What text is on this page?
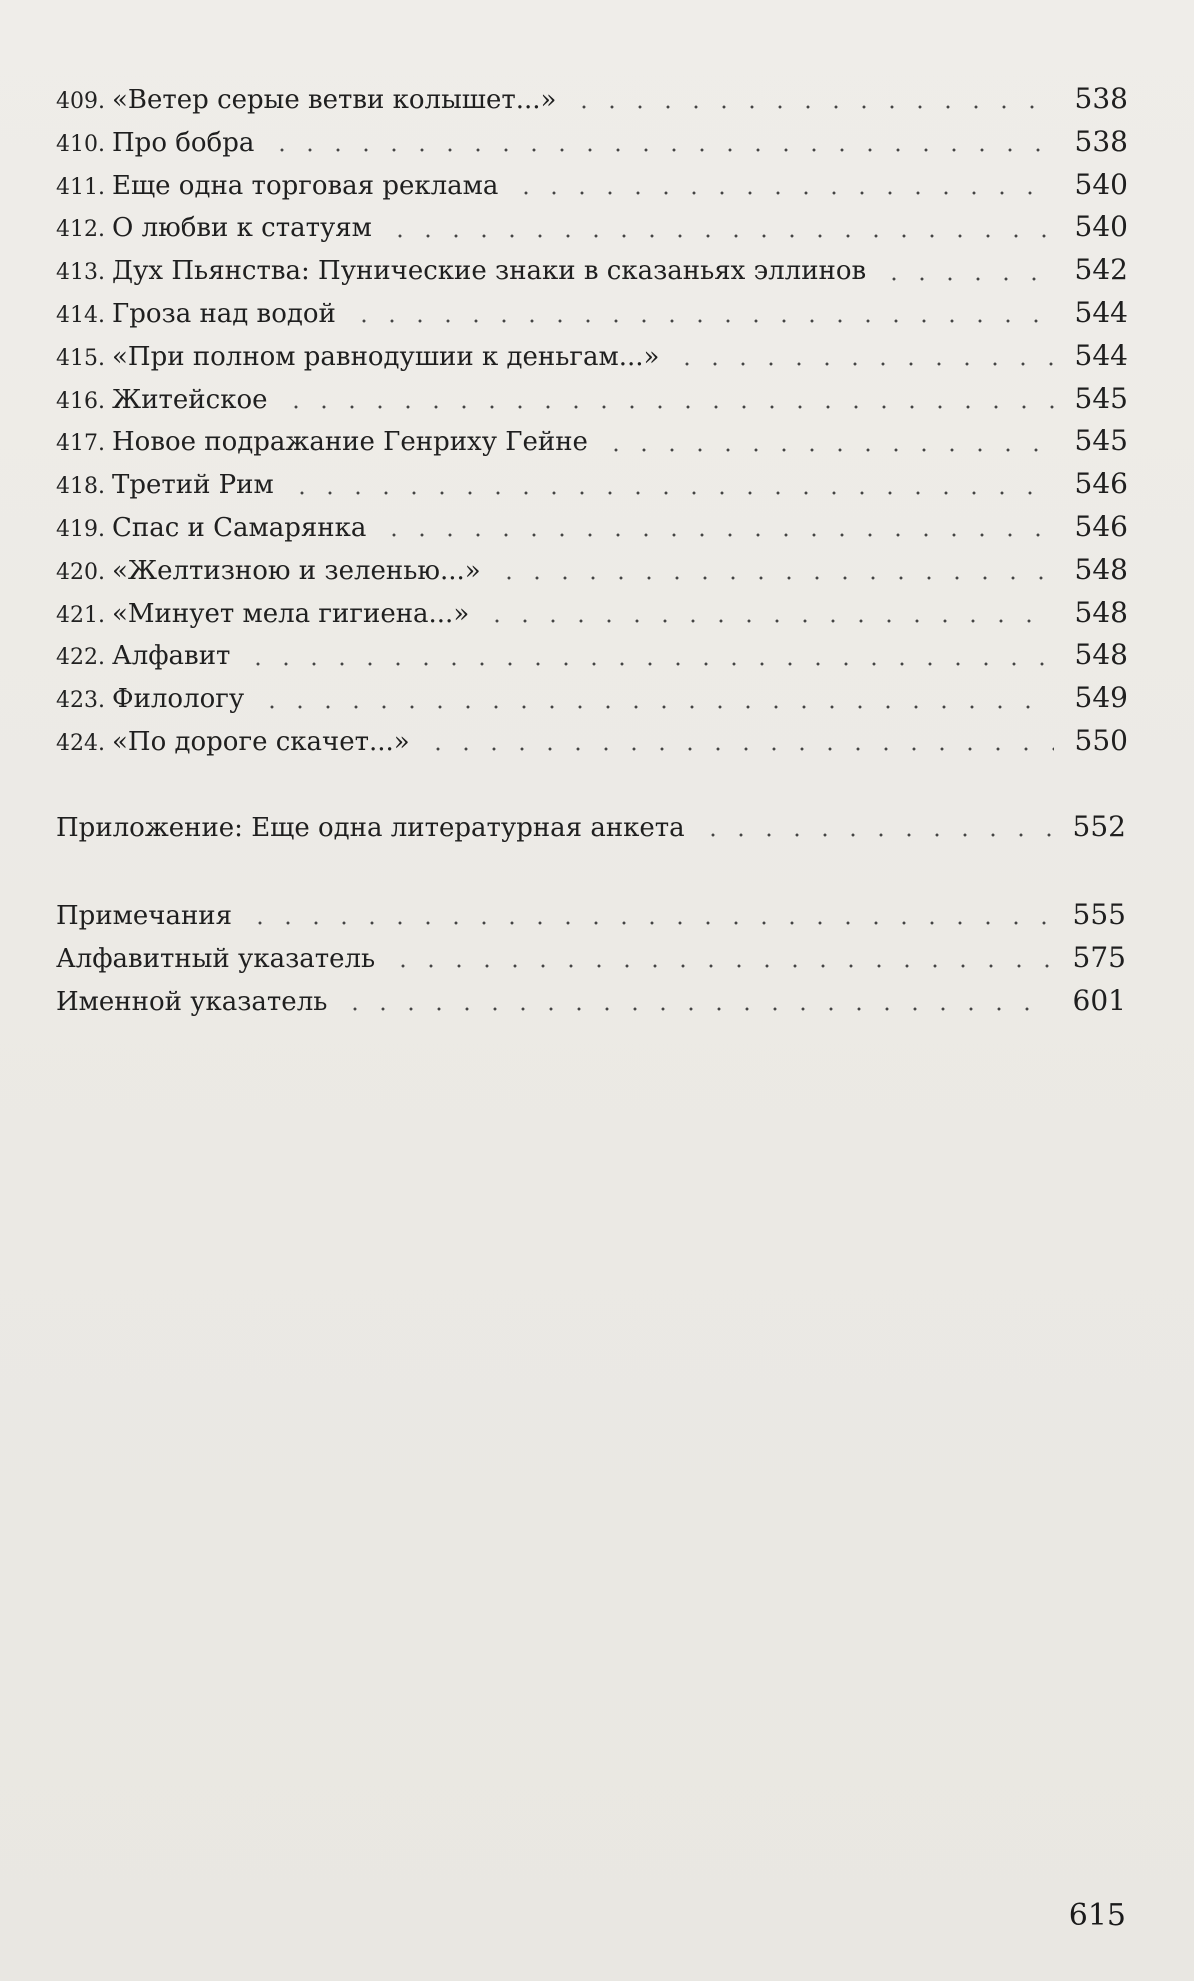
409. «Ветер серые ветви колышет...»	538
410. Про бобра	538
411. Еще одна торговая реклама	540
412. О любви к статуям	540
413. Дух Пьянства: Пунические знаки в сказаньях эллинов	542
414. Гроза над водой	544
415. «При полном равнодушии к деньгам...»	544
416. Житейское	545
417. Новое подражание Генриху Гейне	545
418. Третий Рим	546
419. Спас и Самарянка	546
420. «Желтизною и зеленью...»	548
421. «Минует мела гигиена...»	548
422. Алфавит	548
423. Филологу	549
424. «По дороге скачет...»	550
Приложение: Еще одна литературная анкета	552
Примечания	555
Алфавитный указатель	575
Именной указатель	601
615
